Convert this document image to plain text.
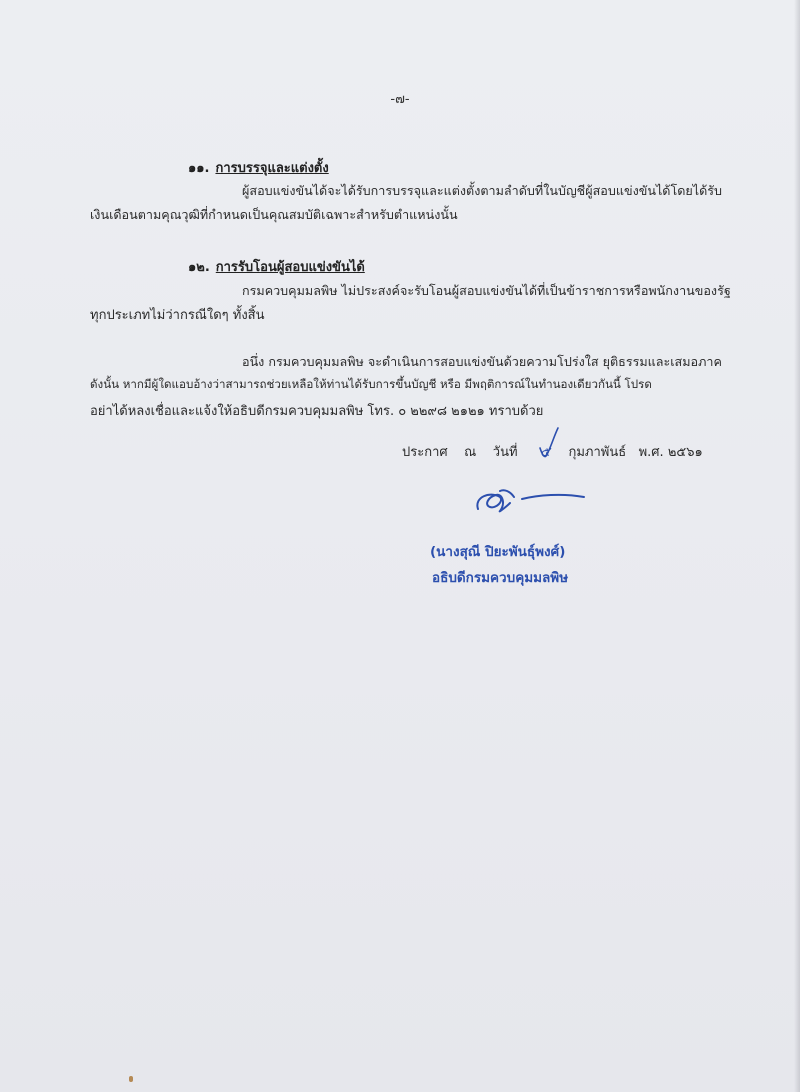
-๗-
๑๑. การบรรจุและแต่งตั้ง
ผู้สอบแข่งขันได้จะได้รับการบรรจุและแต่งตั้งตามลำดับที่ในบัญชีผู้สอบแข่งขันได้โดยได้รับ
เงินเดือนตามคุณวุฒิที่กำหนดเป็นคุณสมบัติเฉพาะสำหรับตำแหน่งนั้น
๑๒. การรับโอนผู้สอบแข่งขันได้
กรมควบคุมมลพิษ ไม่ประสงค์จะรับโอนผู้สอบแข่งขันได้ที่เป็นข้าราชการหรือพนักงานของรัฐ
ทุกประเภทไม่ว่ากรณีใดๆ ทั้งสิ้น
อนึ่ง กรมควบคุมมลพิษ จะดำเนินการสอบแข่งขันด้วยความโปร่งใส ยุติธรรมและเสมอภาค
ดังนั้น หากมีผู้ใดแอบอ้างว่าสามารถช่วยเหลือให้ท่านได้รับการขึ้นบัญชี หรือ มีพฤติการณ์ในทำนองเดียวกันนี้ โปรด
อย่าได้หลงเชื่อและแจ้งให้อธิบดีกรมควบคุมมลพิษ โทร. ๐ ๒๒๙๘ ๒๑๒๑ ทราบด้วย
ประกาศ ณ วันที่ ๕ กุมภาพันธ์ พ.ศ. ๒๕๖๑
(นางสุณี ปิยะพันธุ์พงศ์)
อธิบดีกรมควบคุมมลพิษ
